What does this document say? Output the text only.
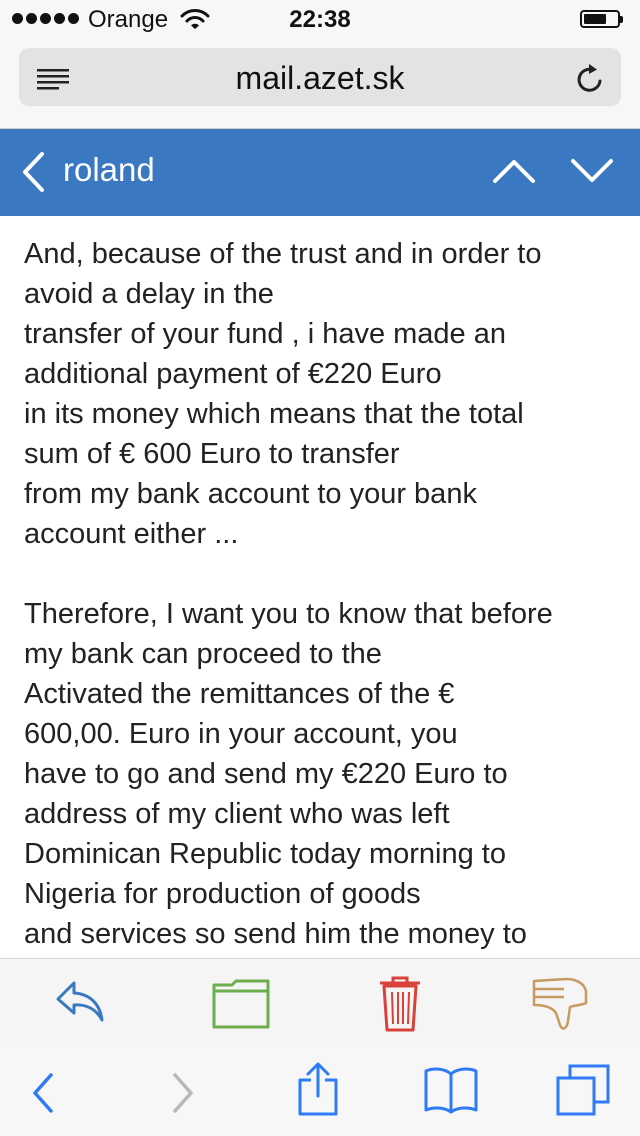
Orange	22:38
mail.azet.sk
roland

And, because of the trust and in order to
avoid a delay in the
transfer of your fund , i have made an
additional payment of €220 Euro
in its money which means that the total
sum of € 600 Euro to transfer
from my bank account to your bank
account either ...

Therefore, I want you to know that before
my bank can proceed to the
Activated the remittances of the €
600,00. Euro in your account, you
have to go and send my €220 Euro to
address of my client who was left
Dominican Republic today morning to
Nigeria for production of goods
and services so send him the money to
